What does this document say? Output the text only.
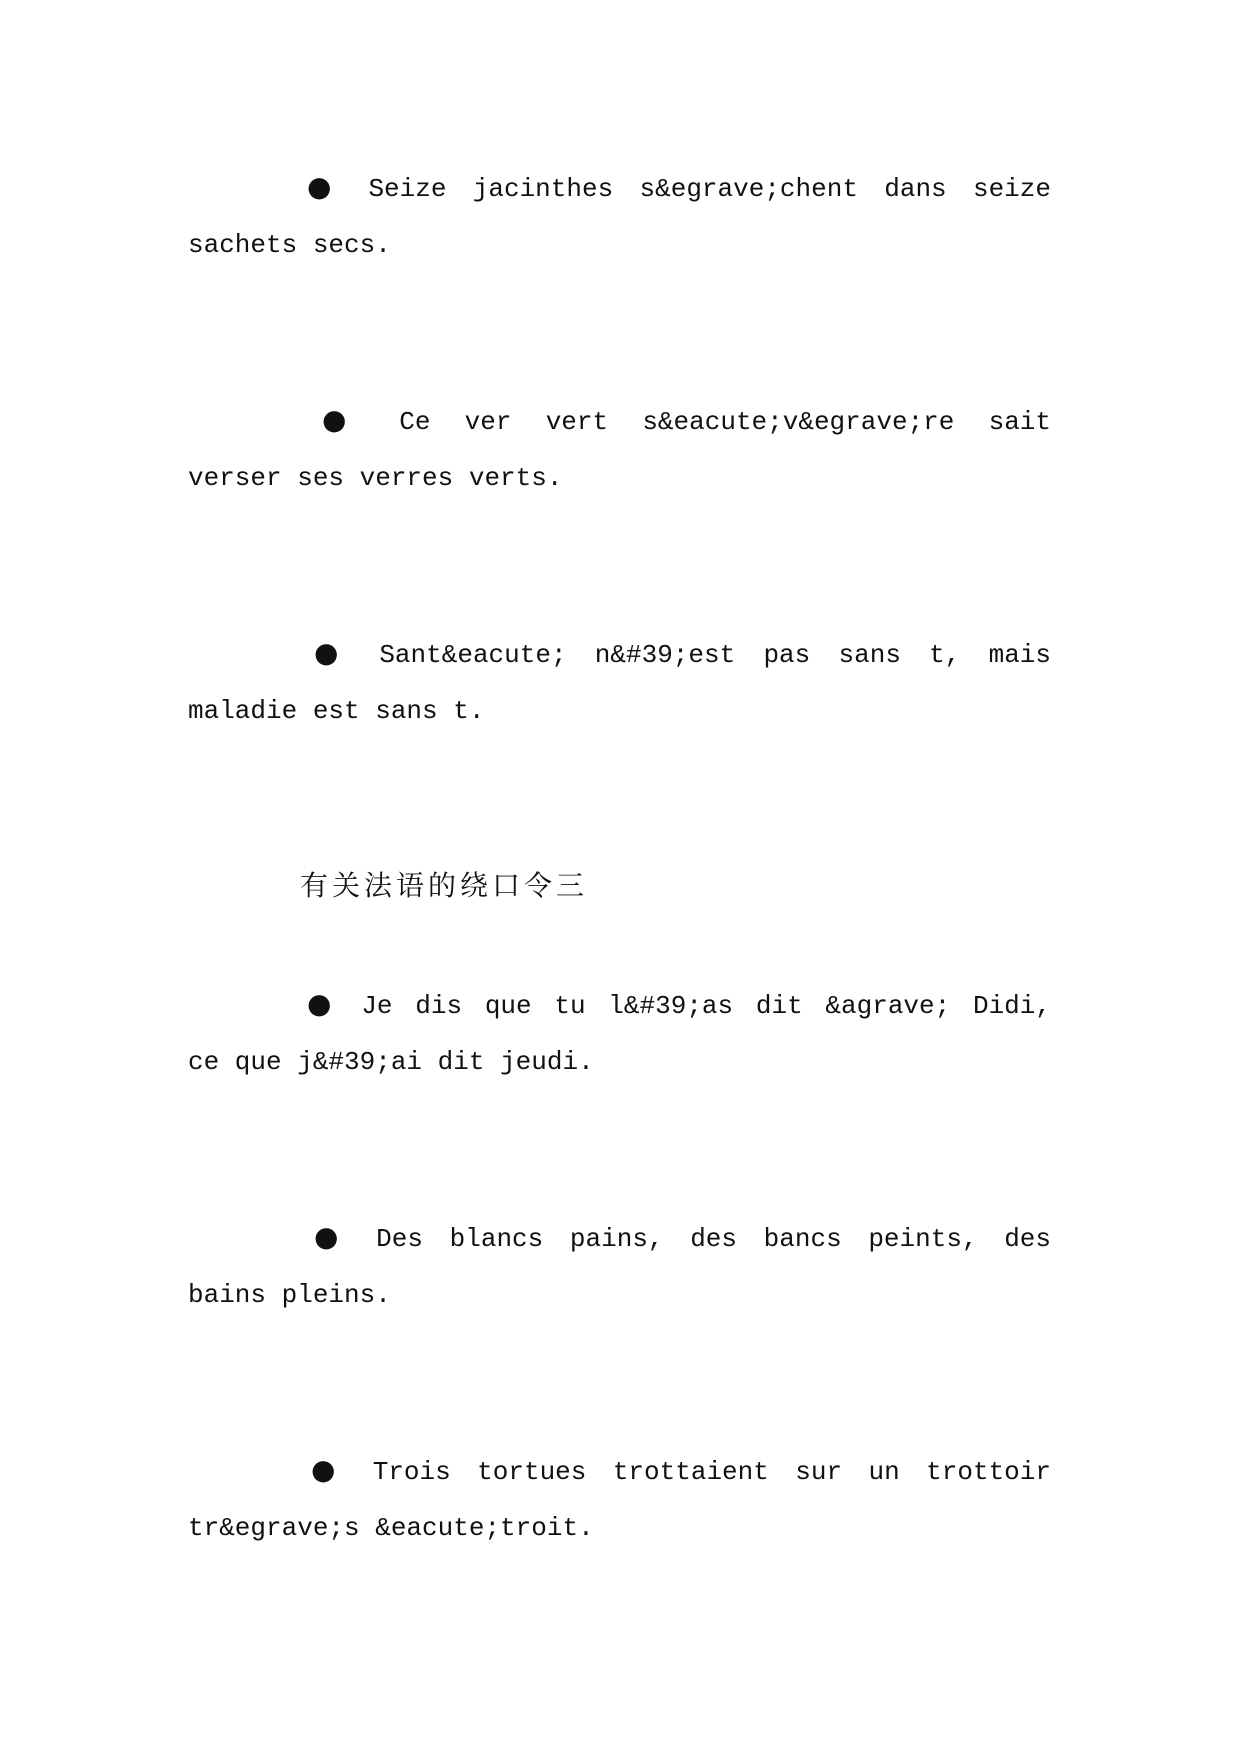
● Seize jacinthes s&egrave;chent dans seize
sachets secs.
● Ce ver vert s&eacute;v&egrave;re sait
verser ses verres verts.
● Sant&eacute; n&#39;est pas sans t, mais
maladie est sans t.
有关法语的绕口令三
● Je dis que tu l&#39;as dit &agrave; Didi,
ce que j&#39;ai dit jeudi.
● Des blancs pains, des bancs peints, des
bains pleins.
● Trois tortues trottaient sur un trottoir
tr&egrave;s &eacute;troit.
